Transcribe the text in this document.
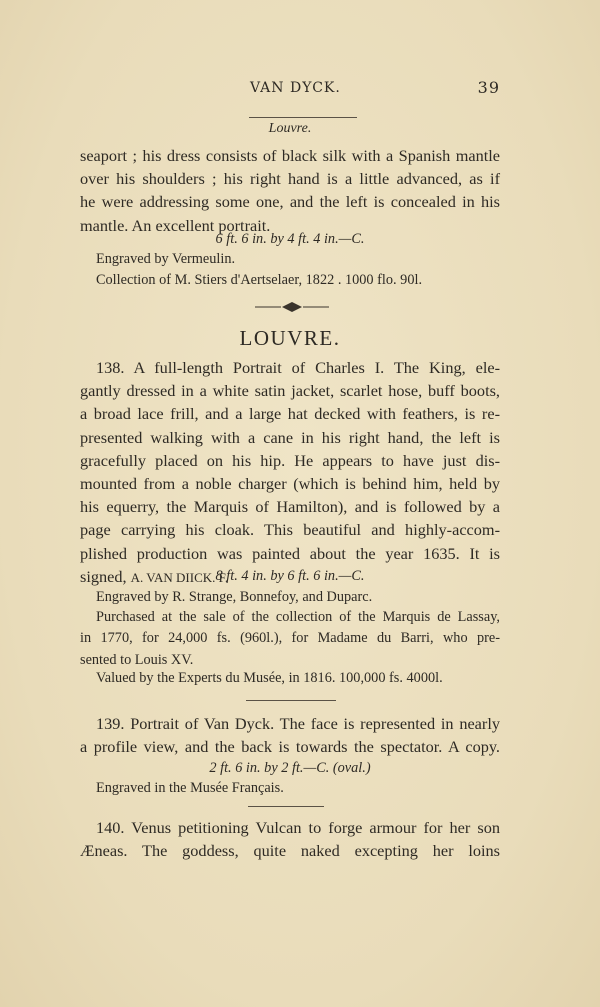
VAN DYCK.	39
Louvre.
seaport ; his dress consists of black silk with a Spanish mantle
over his shoulders ; his right hand is a little advanced, as if
he were addressing some one, and the left is concealed in his
mantle. An excellent portrait.
6 ft. 6 in. by 4 ft. 4 in.—C.
Engraved by Vermeulin.
Collection of M. Stiers d'Aertselaer, 1822 . 1000 flo. 90l.
LOUVRE.
138. A full-length Portrait of Charles I. The King, ele-
gantly dressed in a white satin jacket, scarlet hose, buff boots,
a broad lace frill, and a large hat decked with feathers, is re-
presented walking with a cane in his right hand, the left is
gracefully placed on his hip. He appears to have just dis-
mounted from a noble charger (which is behind him, held by
his equerry, the Marquis of Hamilton), and is followed by a
page carrying his cloak. This beautiful and highly-accom-
plished production was painted about the year 1635. It is
signed, A. VAN DIICK. F.
8 ft. 4 in. by 6 ft. 6 in.—C.
Engraved by R. Strange, Bonnefoy, and Duparc.
Purchased at the sale of the collection of the Marquis de Lassay,
in 1770, for 24,000 fs. (960l.), for Madame du Barri, who pre-
sented to Louis XV.
Valued by the Experts du Musée, in 1816. 100,000 fs. 4000l.
139. Portrait of Van Dyck. The face is represented in nearly
a profile view, and the back is towards the spectator. A copy.
2 ft. 6 in. by 2 ft.—C. (oval.)
Engraved in the Musée Français.
140. Venus petitioning Vulcan to forge armour for her son
Æneas. The goddess, quite naked excepting her loins
